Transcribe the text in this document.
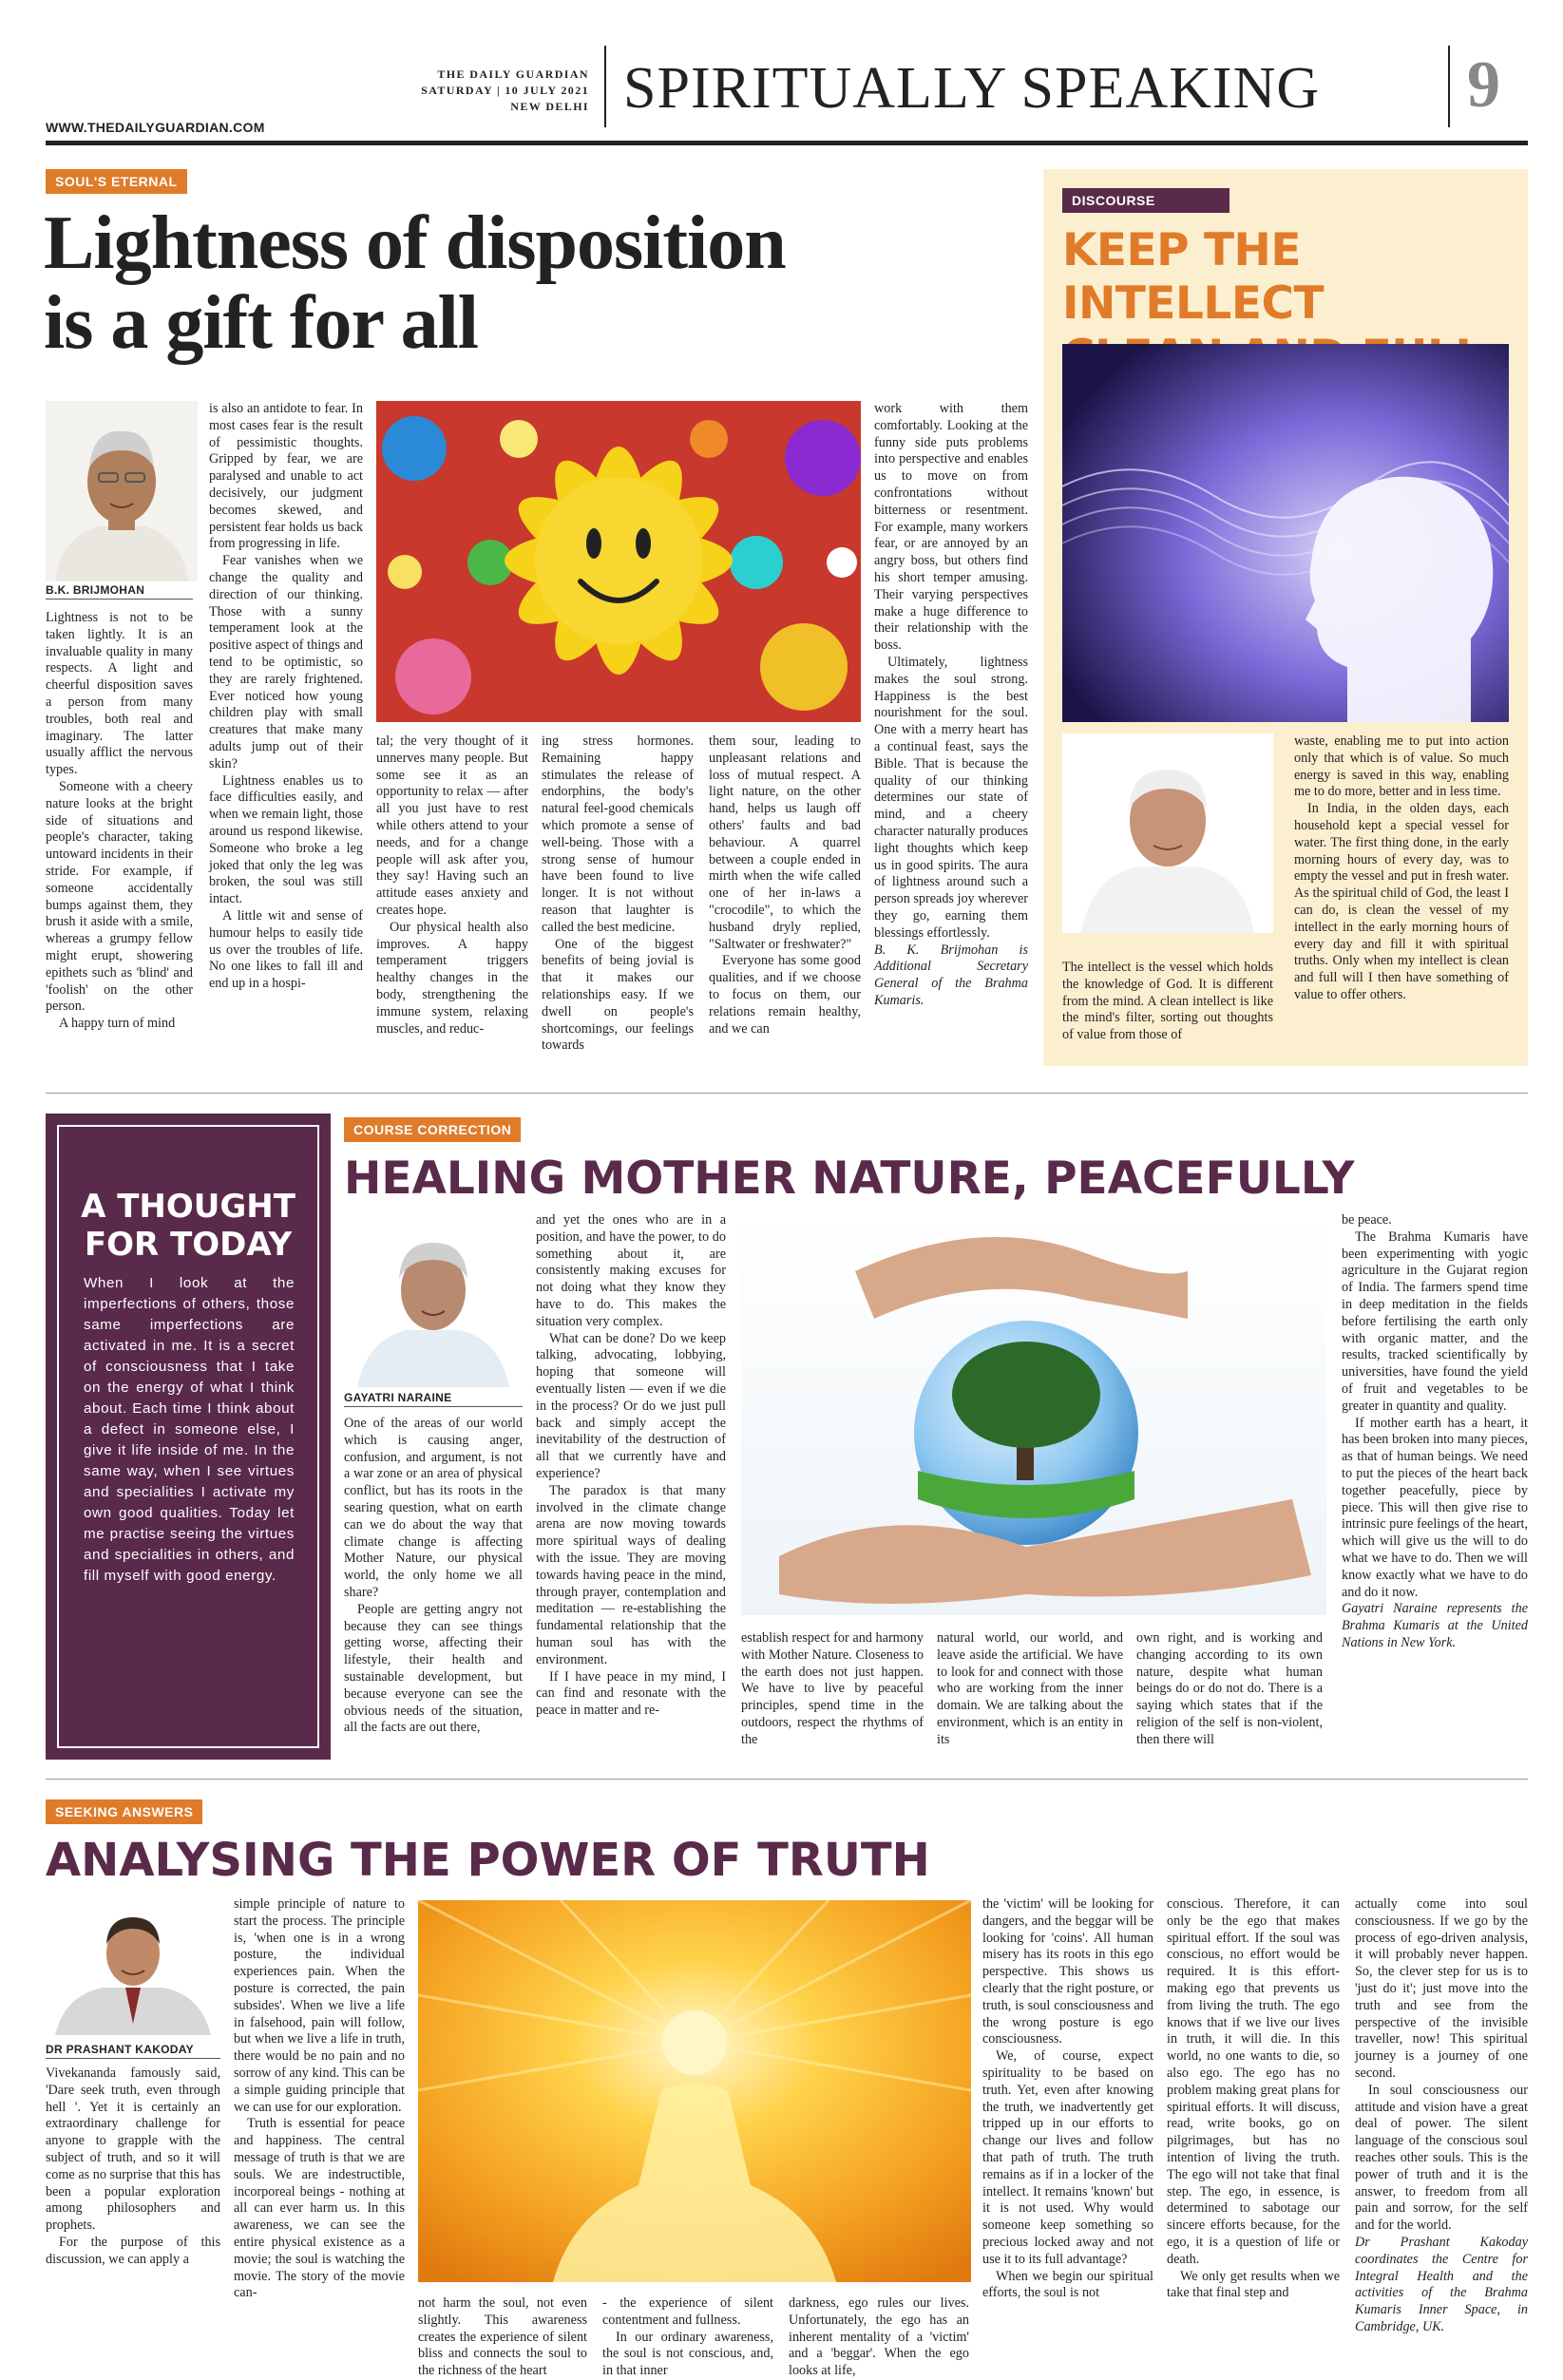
WWW.THEDAILYGUARDIAN.COM
THE DAILY GUARDIAN
SATURDAY | 10 JULY 2021
NEW DELHI SPIRITUALLY SPEAKING 9
SOUL'S ETERNAL
Lightness of disposition
is a gift for all
B.K. BRIJMOHAN

Lightness is not to be taken lightly. It is an invaluable quality in many respects. A light and cheerful disposition saves a person from many troubles, both real and imaginary. The latter usually afflict the nervous types.

Someone with a cheery nature looks at the bright side of situations and people's character, taking untoward incidents in their stride. For example, if someone accidentally bumps against them, they brush it aside with a smile, whereas a grumpy fellow might erupt, showering epithets such as 'blind' and 'foolish' on the other person.

A happy turn of mind

is also an antidote to fear. In most cases fear is the result of pessimistic thoughts. Gripped by fear, we are paralysed and unable to act decisively, our judgment becomes skewed, and persistent fear holds us back from progressing in life.

Fear vanishes when we change the quality and direction of our thinking. Those with a sunny temperament look at the positive aspect of things and tend to be optimistic, so they are rarely frightened. Ever noticed how young children play with small creatures that make many adults jump out of their skin?

Lightness enables us to face difficulties easily, and when we remain light, those around us respond likewise. Someone who broke a leg joked that only the leg was broken, the soul was still intact.

A little wit and sense of humour helps to easily tide us over the troubles of life. No one likes to fall ill and end up in a hospi-

tal; the very thought of it unnerves many people. But some see it as an opportunity to relax — after all you just have to rest while others attend to your needs, and for a change people will ask after you, they say! Having such an attitude eases anxiety and creates hope.

Our physical health also improves. A happy temperament triggers healthy changes in the body, strengthening the immune system, relaxing muscles, and reduc-

ing stress hormones. Remaining happy stimulates the release of endorphins, the body's natural feel-good chemicals which promote a sense of well-being. Those with a strong sense of humour have been found to live longer. It is not without reason that laughter is called the best medicine.

One of the biggest benefits of being jovial is that it makes our relationships easy. If we dwell on people's shortcomings, our feelings towards

them sour, leading to unpleasant relations and loss of mutual respect. A light nature, on the other hand, helps us laugh off others' faults and bad behaviour. A quarrel between a couple ended in mirth when the wife called one of her in-laws a "crocodile", to which the husband dryly replied, "Saltwater or freshwater?"

Everyone has some good qualities, and if we choose to focus on them, our relations remain healthy, and we can

work with them comfortably. Looking at the funny side puts problems into perspective and enables us to move on from confrontations without bitterness or resentment. For example, many workers fear, or are annoyed by an angry boss, but others find his short temper amusing. Their varying perspectives make a huge difference to their relationship with the boss.

Ultimately, lightness makes the soul strong. Happiness is the best nourishment for the soul. One with a merry heart has a continual feast, says the Bible. That is because the quality of our thinking determines our state of mind, and a cheery character naturally produces light thoughts which keep us in good spirits. The aura of lightness around such a person spreads joy wherever they go, earning them blessings effortlessly.

B. K. Brijmohan is Additional Secretary General of the Brahma Kumaris.

DISCOURSE
KEEP THE INTELLECT

The intellect is the vessel which holds the knowledge of God. It is different from the mind. A clean intellect is like the mind's filter, sorting out thoughts of value from those of

waste, enabling me to put into action only that which is of value. So much energy is saved in this way, enabling me to do more, better and in less time.

In India, in the olden days, each household kept a special vessel for water. The first thing done, in the early morning hours of every day, was to empty the vessel and put in fresh water. As the spiritual child of God, the least I can do, is clean the vessel of my intellect in the early morning hours of every day and fill it with spiritual truths. Only when my intellect is clean and full will I then have something of value to offer others.

A THOUGHT
FOR TODAY
When I look at the imperfections of others, those same imperfections are activated in me. It is a secret of consciousness that I take on the energy of what I think about. Each time I think about a defect in someone else, I give it life inside of me. In the same way, when I see virtues and specialities I activate my own good qualities. Today let me practise seeing the virtues and specialities in others, and fill myself with good energy.
COURSE CORRECTION
HEALING MOTHER NATURE, PEACEFULLY
GAYATRI NARAINE

One of the areas of our world which is causing anger, confusion, and argument, is not a war zone or an area of physical conflict, but has its roots in the searing question, what on earth can we do about the way that climate change is affecting Mother Nature, our physical world, the only home we all share?

People are getting angry not because they can see things getting worse, affecting their lifestyle, their health and sustainable development, but because everyone can see the obvious needs of the situation, all the facts are out there,

and yet the ones who are in a position, and have the power, to do something about it, are consistently making excuses for not doing what they know they have to do. This makes the situation very complex.

What can be done? Do we keep talking, advocating, lobbying, hoping that someone will eventually listen — even if we die in the process? Or do we just pull back and simply accept the inevitability of the destruction of all that we currently have and experience?

The paradox is that many involved in the climate change arena are now moving towards more spiritual ways of dealing with the issue. They are moving towards having peace in the mind, through prayer, contemplation and meditation — re-establishing the fundamental relationship that the human soul has with the environment.

If I have peace in my mind, I can find and resonate with the peace in matter and re-

establish respect for and harmony with Mother Nature. Closeness to the earth does not just happen. We have to live by peaceful principles, spend time in the outdoors, respect the rhythms of the

natural world, our world, and leave aside the artificial. We have to look for and connect with those who are working from the inner domain. We are talking about the environment, which is an entity in its

own right, and is working and changing according to its own nature, despite what human beings do or do not do. There is a saying which states that if the religion of the self is non-violent, then there will

be peace.

The Brahma Kumaris have been experimenting with yogic agriculture in the Gujarat region of India. The farmers spend time in deep meditation in the fields before fertilising the earth only with organic matter, and the results, tracked scientifically by universities, have found the yield of fruit and vegetables to be greater in quantity and quality.

If mother earth has a heart, it has been broken into many pieces, as that of human beings. We need to put the pieces of the heart back together peacefully, piece by piece. This will then give rise to intrinsic pure feelings of the heart, which will give us the will to do what we have to do. Then we will know exactly what we have to do and do it now.

Gayatri Naraine represents the Brahma Kumaris at the United Nations in New York.

SEEKING ANSWERS
ANALYSING THE POWER OF TRUTH
DR PRASHANT KAKODAY

Vivekananda famously said, 'Dare seek truth, even through hell '. Yet it is certainly an extraordinary challenge for anyone to grapple with the subject of truth, and so it will come as no surprise that this has been a popular exploration among philosophers and prophets.

For the purpose of this discussion, we can apply a

simple principle of nature to start the process. The principle is, 'when one is in a wrong posture, the individual experiences pain. When the posture is corrected, the pain subsides'. When we live a life in falsehood, pain will follow, but when we live a life in truth, there would be no pain and no sorrow of any kind. This can be a simple guiding principle that we can use for our exploration.

Truth is essential for peace and happiness. The central message of truth is that we are souls. We are indestructible, incorporeal beings - nothing at all can ever harm us. In this awareness, we can see the entire physical existence as a movie; the soul is watching the movie. The story of the movie can-

not harm the soul, not even slightly. This awareness creates the experience of silent bliss and connects the soul to the richness of the heart

- the experience of silent contentment and fullness.

In our ordinary awareness, the soul is not conscious, and, in that inner

darkness, ego rules our lives. Unfortunately, the ego has an inherent mentality of a 'victim' and a 'beggar'. When the ego looks at life,

the 'victim' will be looking for dangers, and the beggar will be looking for 'coins'. All human misery has its roots in this ego perspective. This shows us clearly that the right posture, or truth, is soul consciousness and the wrong posture is ego consciousness.

We, of course, expect spirituality to be based on truth. Yet, even after knowing the truth, we inadvertently get tripped up in our efforts to change our lives and follow that path of truth. The truth remains as if in a locker of the intellect. It remains 'known' but it is not used. Why would someone keep something so precious locked away and not use it to its full advantage?

When we begin our spiritual efforts, the soul is not

conscious. Therefore, it can only be the ego that makes spiritual effort. If the soul was conscious, no effort would be required. It is this effort-making ego that prevents us from living the truth. The ego knows that if we live our lives in truth, it will die. In this world, no one wants to die, so also ego. The ego has no problem making great plans for spiritual efforts. It will discuss, read, write books, go on pilgrimages, but has no intention of living the truth. The ego will not take that final step. The ego, in essence, is determined to sabotage our sincere efforts because, for the ego, it is a question of life or death.

We only get results when we take that final step and

actually come into soul consciousness. If we go by the process of ego-driven analysis, it will probably never happen. So, the clever step for us is to 'just do it'; just move into the truth and see from the perspective of the invisible traveller, now! This spiritual journey is a journey of one second.

In soul consciousness our attitude and vision have a great deal of power. The silent language of the conscious soul reaches other souls. This is the power of truth and it is the answer, to freedom from all pain and sorrow, for the self and for the world.

Dr Prashant Kakoday coordinates the Centre for Integral Health and the activities of the Brahma Kumaris Inner Space, in Cambridge, UK.
